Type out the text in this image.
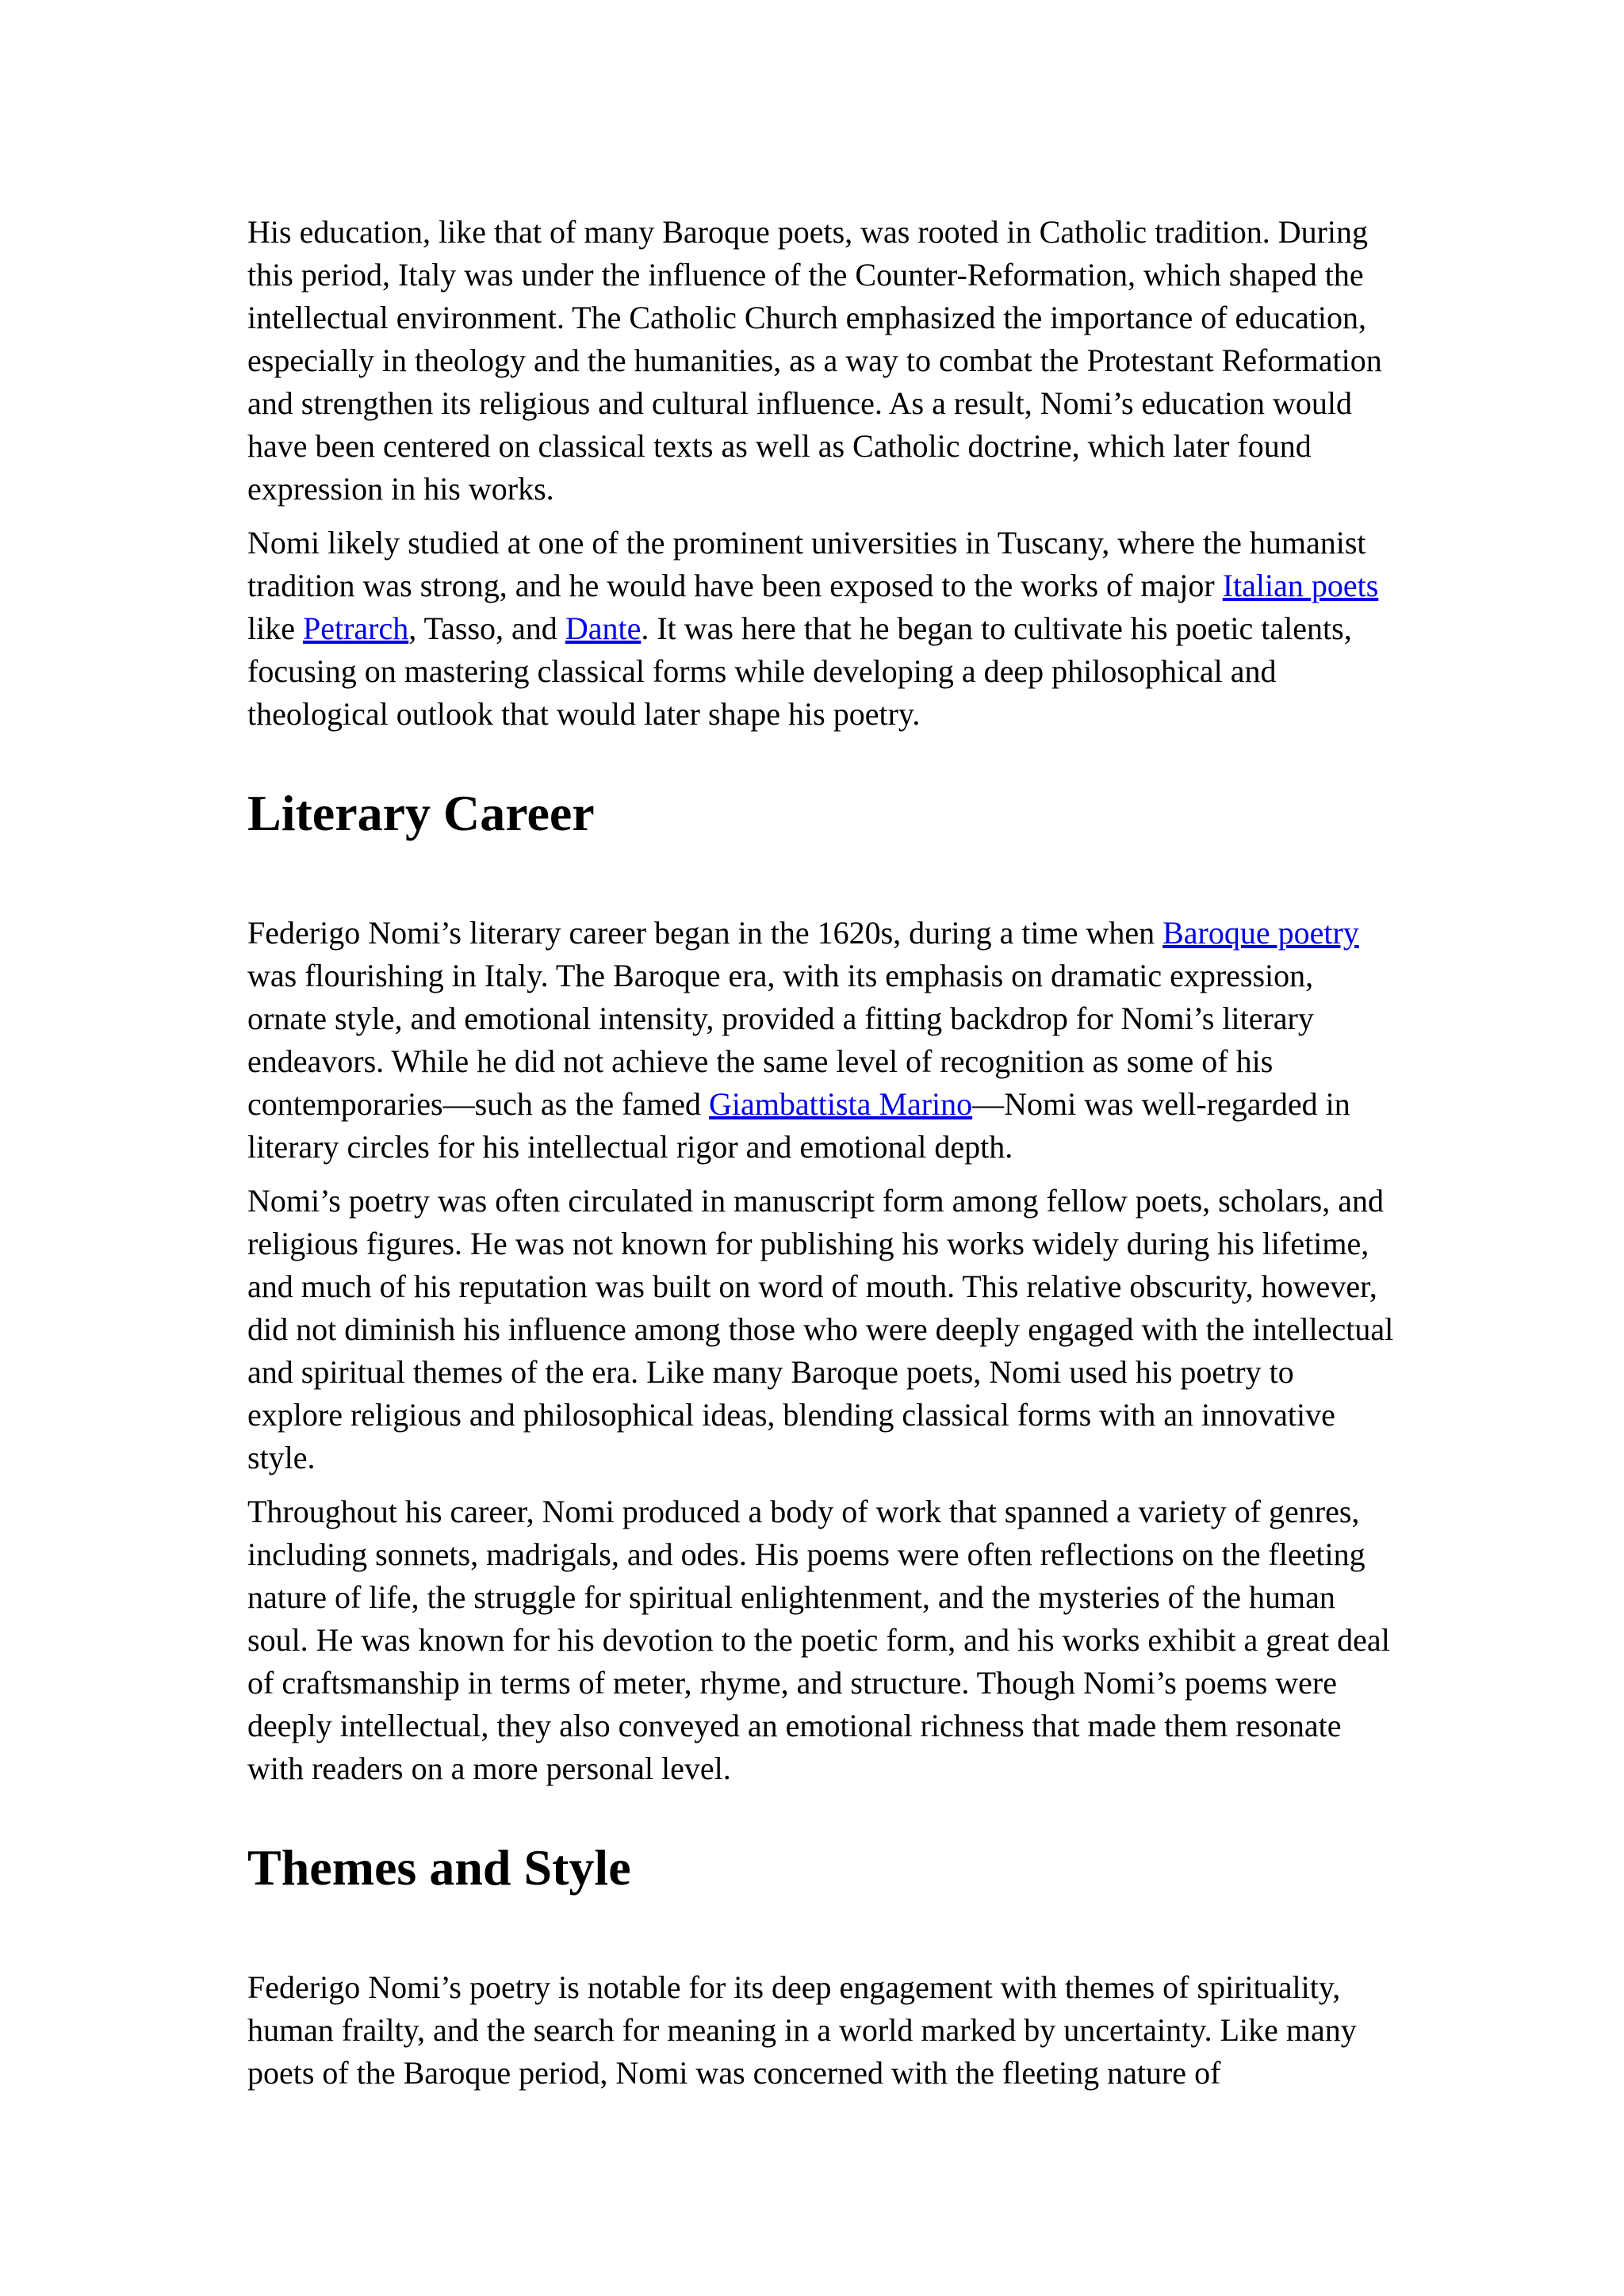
His education, like that of many Baroque poets, was rooted in Catholic tradition. During this period, Italy was under the influence of the Counter-Reformation, which shaped the intellectual environment. The Catholic Church emphasized the importance of education, especially in theology and the humanities, as a way to combat the Protestant Reformation and strengthen its religious and cultural influence. As a result, Nomi’s education would have been centered on classical texts as well as Catholic doctrine, which later found expression in his works.

Nomi likely studied at one of the prominent universities in Tuscany, where the humanist tradition was strong, and he would have been exposed to the works of major Italian poets like Petrarch, Tasso, and Dante. It was here that he began to cultivate his poetic talents, focusing on mastering classical forms while developing a deep philosophical and theological outlook that would later shape his poetry.

Literary Career

Federigo Nomi’s literary career began in the 1620s, during a time when Baroque poetry was flourishing in Italy. The Baroque era, with its emphasis on dramatic expression, ornate style, and emotional intensity, provided a fitting backdrop for Nomi’s literary endeavors. While he did not achieve the same level of recognition as some of his contemporaries—such as the famed Giambattista Marino—Nomi was well-regarded in literary circles for his intellectual rigor and emotional depth.

Nomi’s poetry was often circulated in manuscript form among fellow poets, scholars, and religious figures. He was not known for publishing his works widely during his lifetime, and much of his reputation was built on word of mouth. This relative obscurity, however, did not diminish his influence among those who were deeply engaged with the intellectual and spiritual themes of the era. Like many Baroque poets, Nomi used his poetry to explore religious and philosophical ideas, blending classical forms with an innovative style.

Throughout his career, Nomi produced a body of work that spanned a variety of genres, including sonnets, madrigals, and odes. His poems were often reflections on the fleeting nature of life, the struggle for spiritual enlightenment, and the mysteries of the human soul. He was known for his devotion to the poetic form, and his works exhibit a great deal of craftsmanship in terms of meter, rhyme, and structure. Though Nomi’s poems were deeply intellectual, they also conveyed an emotional richness that made them resonate with readers on a more personal level.

Themes and Style

Federigo Nomi’s poetry is notable for its deep engagement with themes of spirituality, human frailty, and the search for meaning in a world marked by uncertainty. Like many poets of the Baroque period, Nomi was concerned with the fleeting nature of
